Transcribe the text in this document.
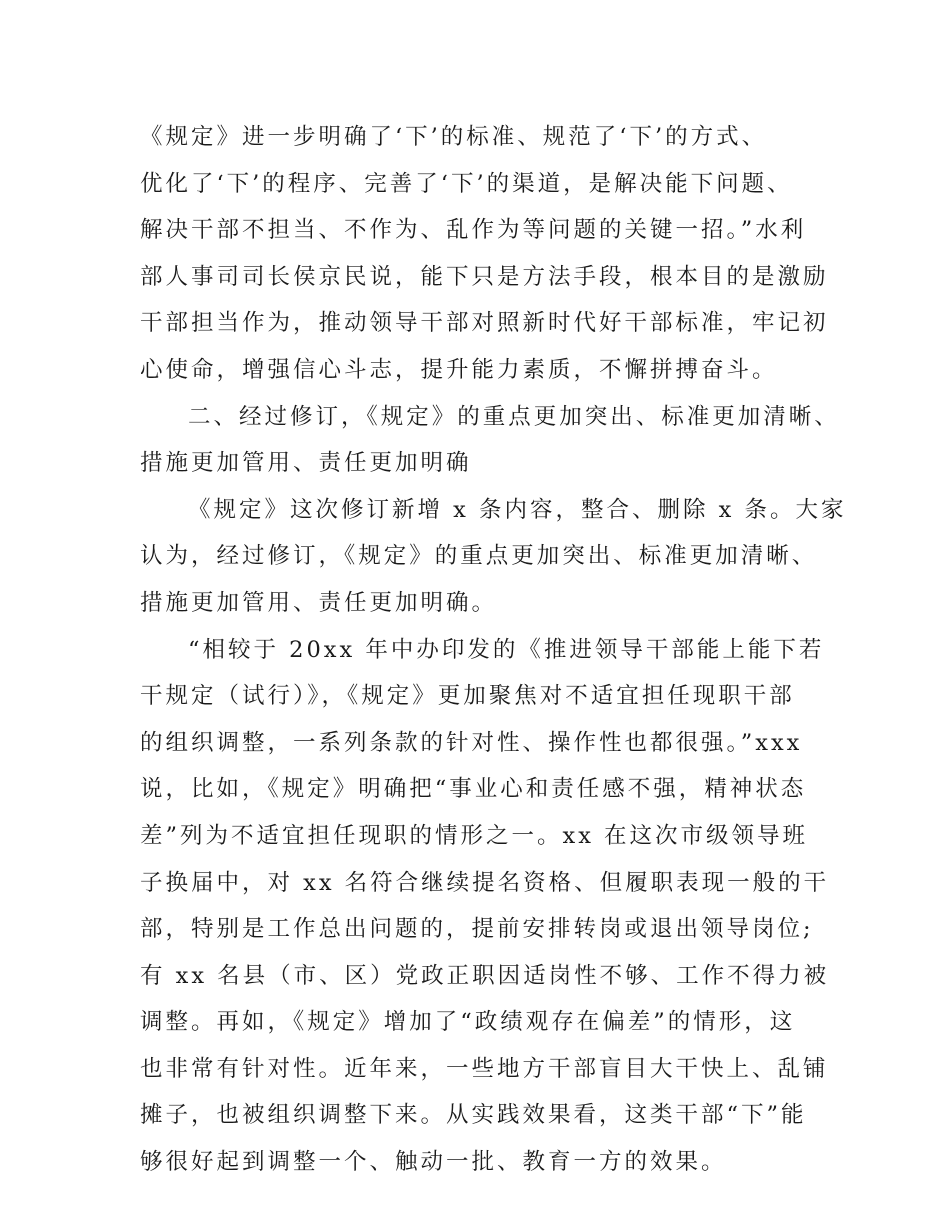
《规定》进一步明确了‘下’的标准、规范了‘下’的方式、
优化了‘下’的程序、完善了‘下’的渠道，是解决能下问题、
解决干部不担当、不作为、乱作为等问题的关键一招。”水利
部人事司司长侯京民说，能下只是方法手段，根本目的是激励
干部担当作为，推动领导干部对照新时代好干部标准，牢记初
心使命，增强信心斗志，提升能力素质，不懈拼搏奋斗。
二、经过修订，《规定》的重点更加突出、标准更加清晰、
措施更加管用、责任更加明确
《规定》这次修订新增 x 条内容，整合、删除 x 条。大家
认为，经过修订，《规定》的重点更加突出、标准更加清晰、
措施更加管用、责任更加明确。
“相较于 20xx 年中办印发的《推进领导干部能上能下若
干规定（试行）》，《规定》更加聚焦对不适宜担任现职干部
的组织调整，一系列条款的针对性、操作性也都很强。”xxx
说，比如，《规定》明确把“事业心和责任感不强，精神状态
差”列为不适宜担任现职的情形之一。xx 在这次市级领导班
子换届中，对 xx 名符合继续提名资格、但履职表现一般的干
部，特别是工作总出问题的，提前安排转岗或退出领导岗位;
有 xx 名县（市、区）党政正职因适岗性不够、工作不得力被
调整。再如，《规定》增加了“政绩观存在偏差”的情形，这
也非常有针对性。近年来，一些地方干部盲目大干快上、乱铺
摊子，也被组织调整下来。从实践效果看，这类干部“下”能
够很好起到调整一个、触动一批、教育一方的效果。
